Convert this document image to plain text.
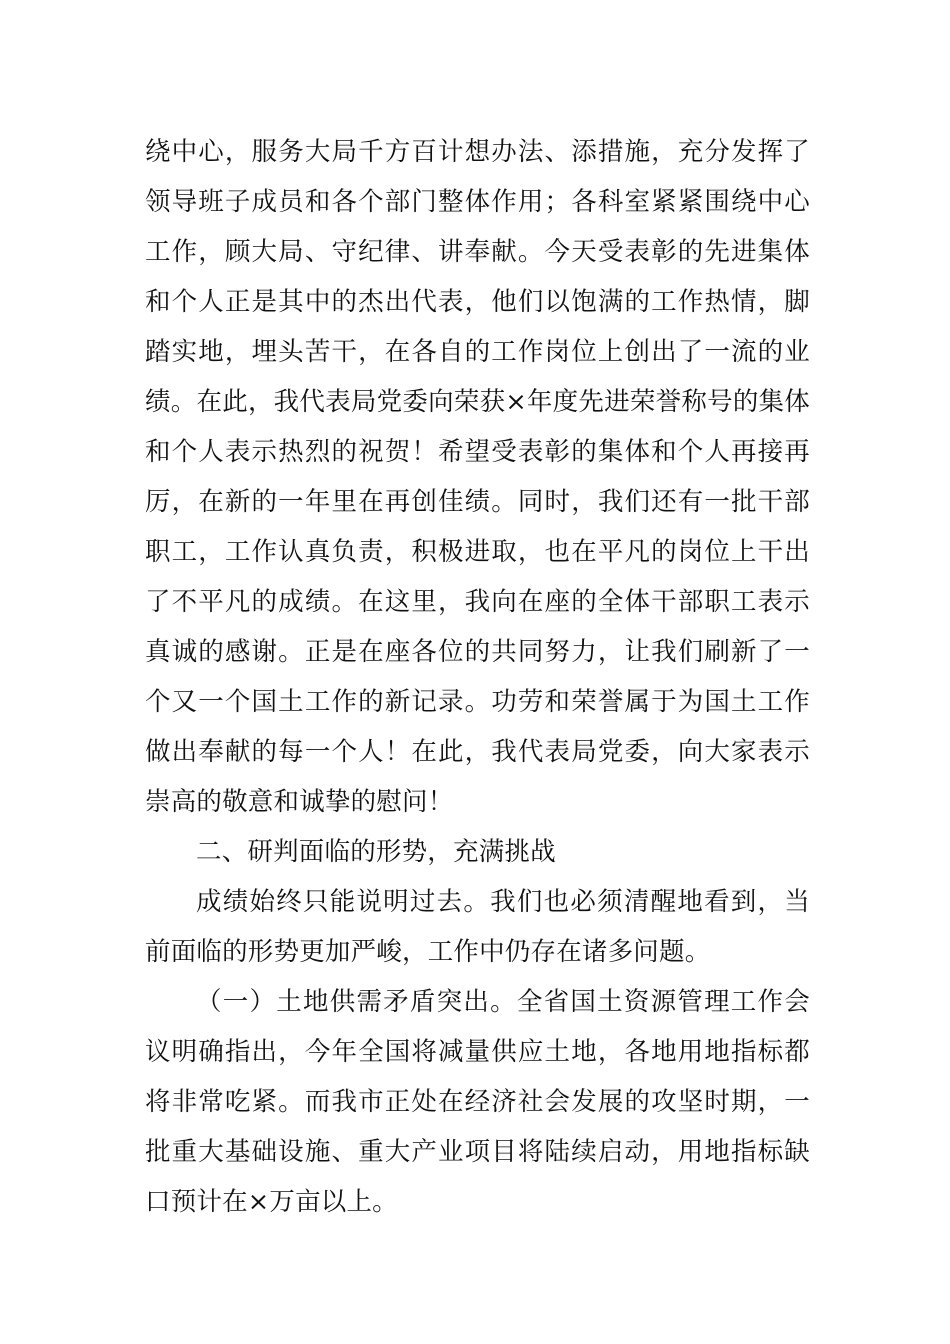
绕中心，服务大局千方百计想办法、添措施，充分发挥了
领导班子成员和各个部门整体作用；各科室紧紧围绕中心
工作，顾大局、守纪律、讲奉献。今天受表彰的先进集体
和个人正是其中的杰出代表，他们以饱满的工作热情，脚
踏实地，埋头苦干，在各自的工作岗位上创出了一流的业
绩。在此，我代表局党委向荣获×年度先进荣誉称号的集体
和个人表示热烈的祝贺！希望受表彰的集体和个人再接再
厉，在新的一年里在再创佳绩。同时，我们还有一批干部
职工，工作认真负责，积极进取，也在平凡的岗位上干出
了不平凡的成绩。在这里，我向在座的全体干部职工表示
真诚的感谢。正是在座各位的共同努力，让我们刷新了一
个又一个国土工作的新记录。功劳和荣誉属于为国土工作
做出奉献的每一个人！在此，我代表局党委，向大家表示
崇高的敬意和诚挚的慰问！
二、研判面临的形势，充满挑战
成绩始终只能说明过去。我们也必须清醒地看到，当
前面临的形势更加严峻，工作中仍存在诸多问题。
（一）土地供需矛盾突出。全省国土资源管理工作会
议明确指出，今年全国将减量供应土地，各地用地指标都
将非常吃紧。而我市正处在经济社会发展的攻坚时期，一
批重大基础设施、重大产业项目将陆续启动，用地指标缺
口预计在×万亩以上。
